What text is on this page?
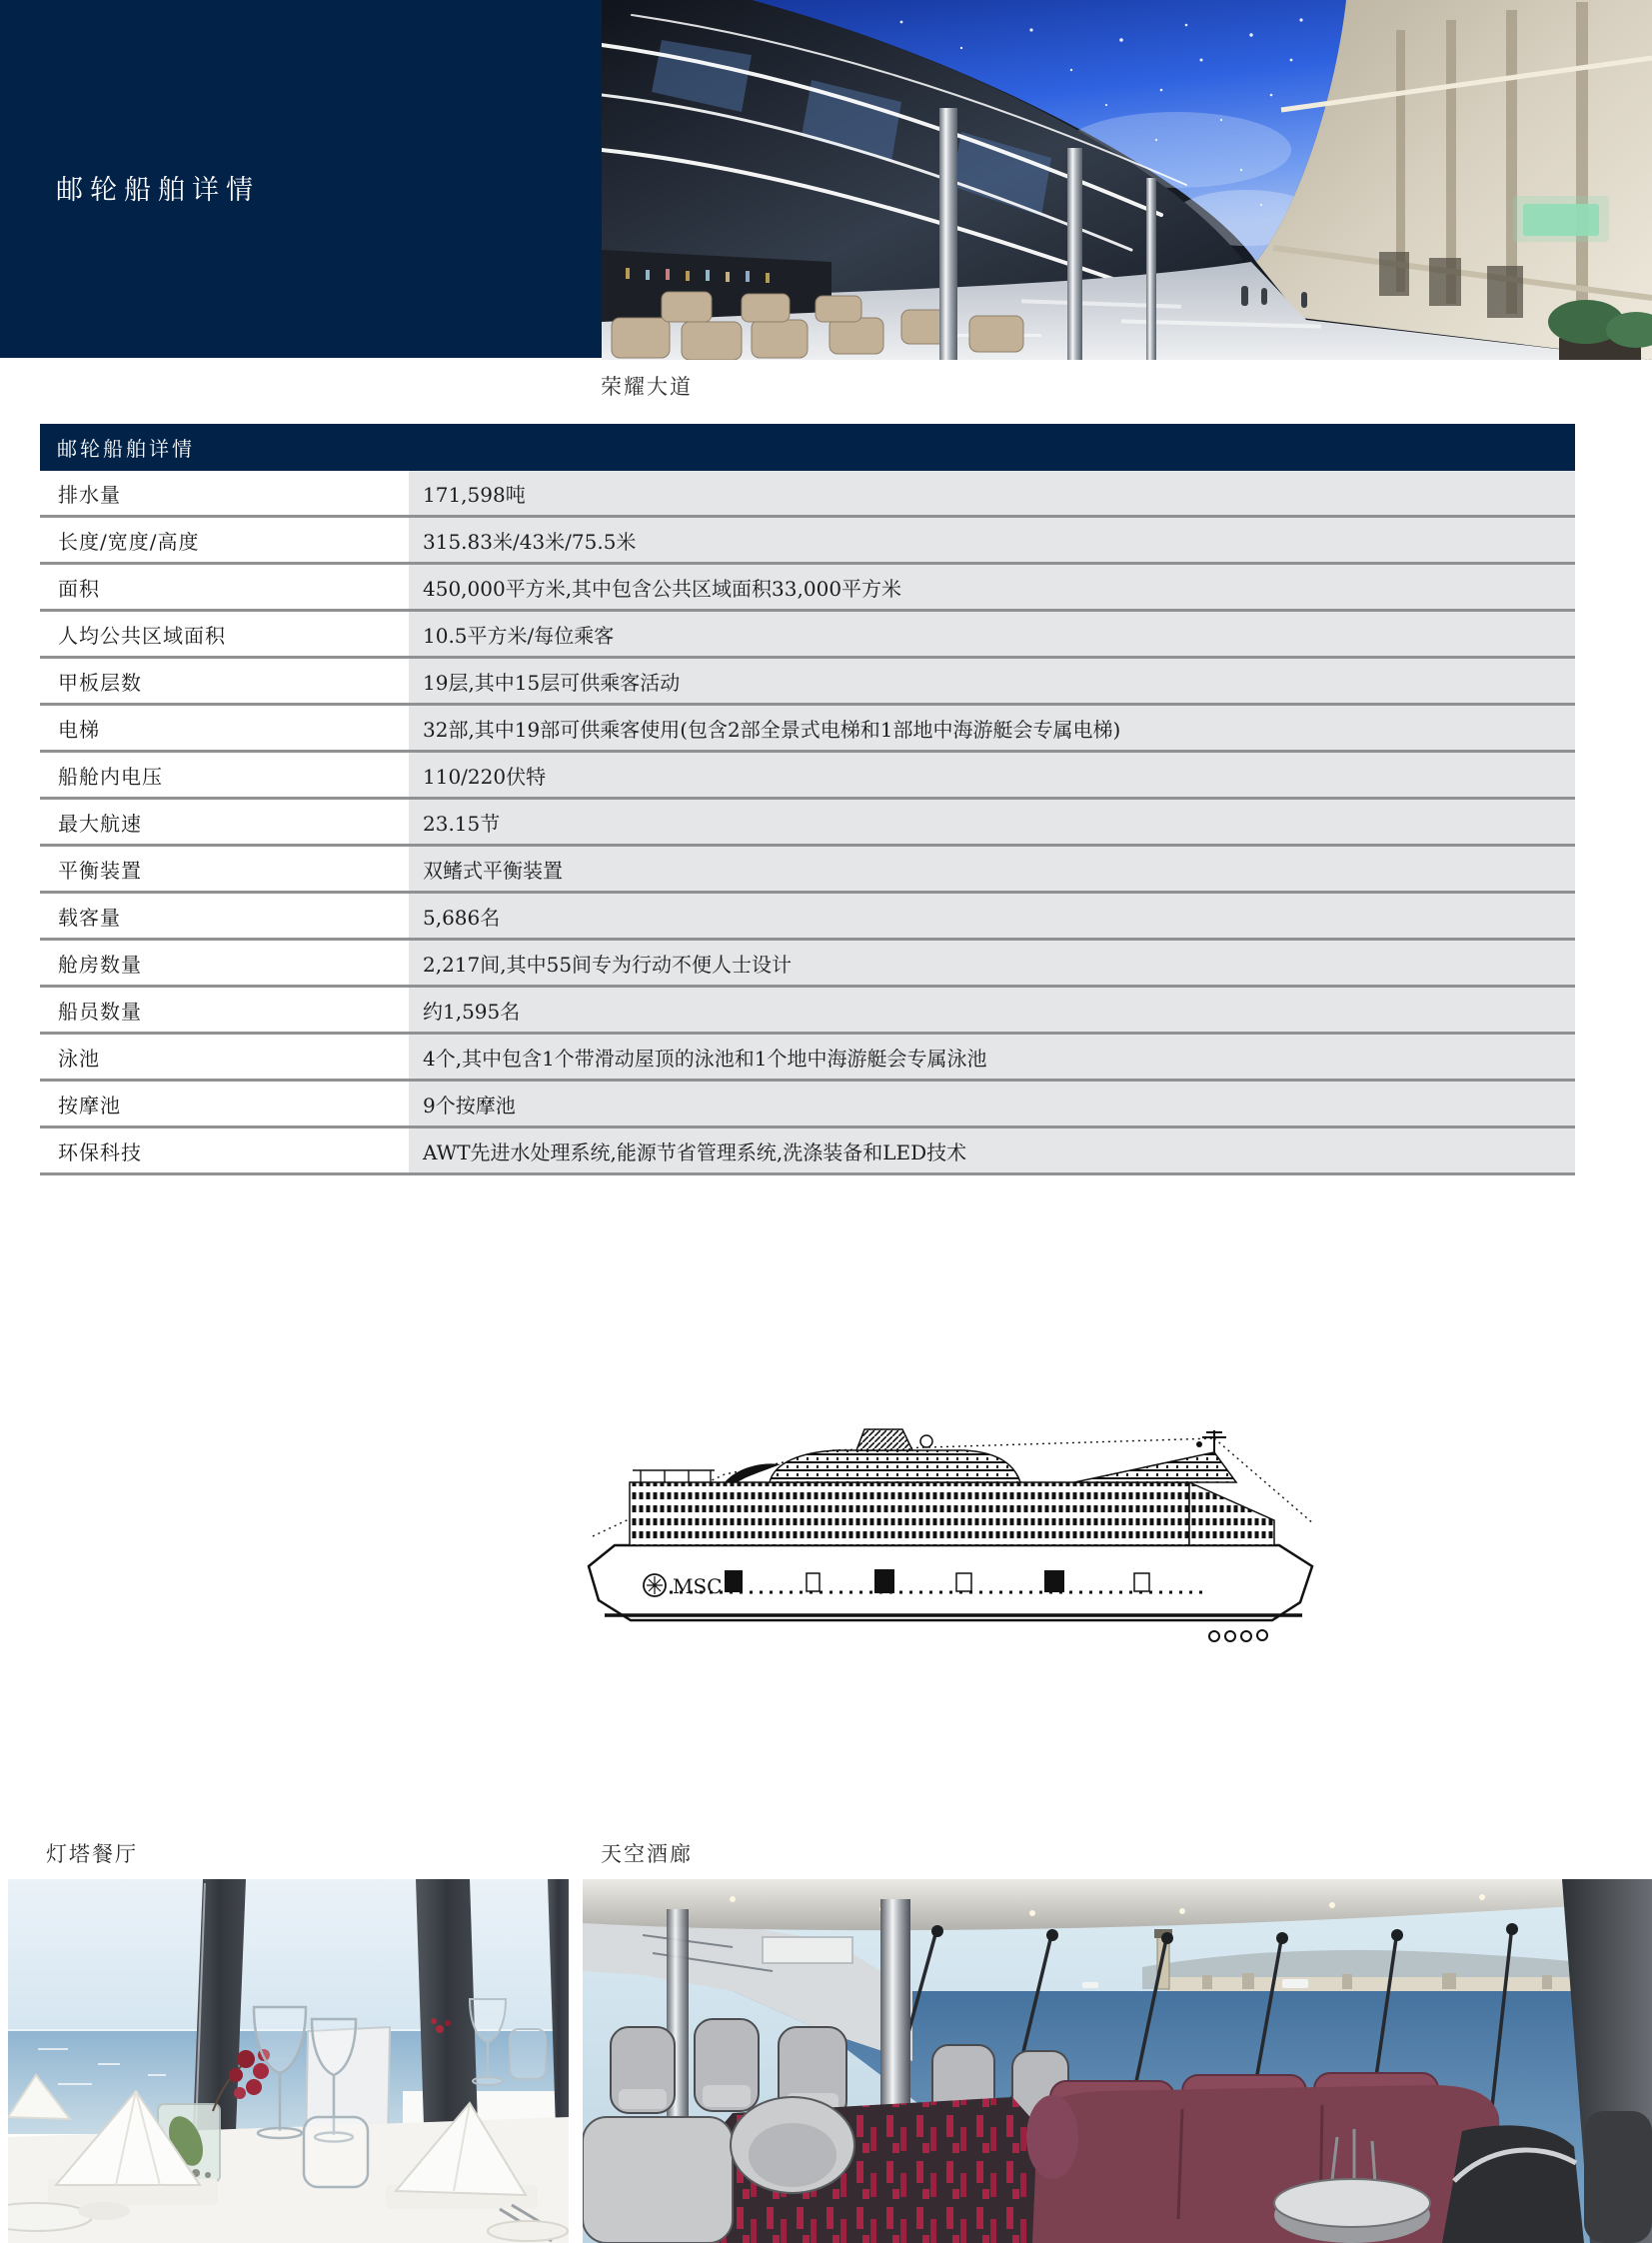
邮轮船舶详情
荣耀大道
邮轮船舶详情
排水量	171,598吨
长度/宽度/高度	315.83米/43米/75.5米
面积	450,000平方米,其中包含公共区域面积33,000平方米
人均公共区域面积	10.5平方米/每位乘客
甲板层数	19层,其中15层可供乘客活动
电梯	32部,其中19部可供乘客使用(包含2部全景式电梯和1部地中海游艇会专属电梯)
船舱内电压	110/220伏特
最大航速	23.15节
平衡装置	双鳍式平衡装置
载客量	5,686名
舱房数量	2,217间,其中55间专为行动不便人士设计
船员数量	约1,595名
泳池	4个,其中包含1个带滑动屋顶的泳池和1个地中海游艇会专属泳池
按摩池	9个按摩池
环保科技	AWT先进水处理系统,能源节省管理系统,洗涤装备和LED技术
MSC
灯塔餐厅	天空酒廊
